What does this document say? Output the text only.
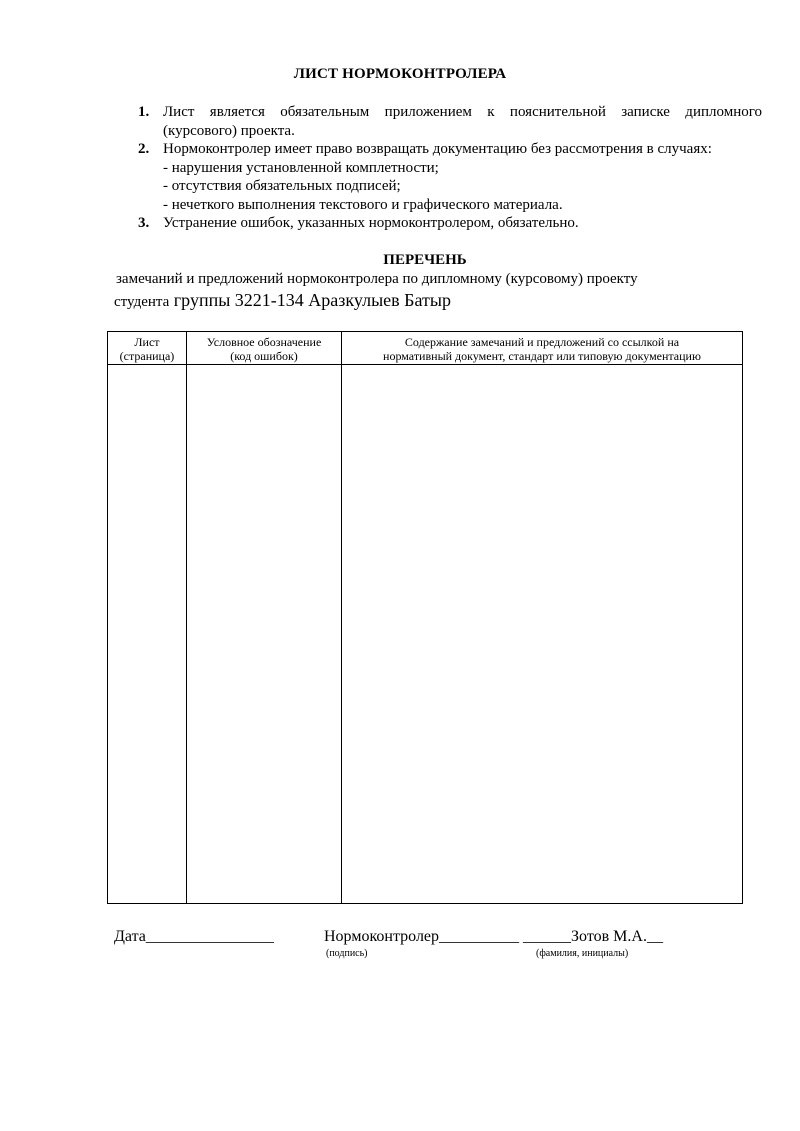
ЛИСТ НОРМОКОНТРОЛЕРА
1. Лист является обязательным приложением к пояснительной записке дипломного
(курсового) проекта.
2. Нормоконтролер имеет право возвращать документацию без рассмотрения в случаях:
- нарушения установленной комплетности;
- отсутствия обязательных подписей;
- нечеткого выполнения текстового и графического материала.
3. Устранение ошибок, указанных нормоконтролером, обязательно.
ПЕРЕЧЕНЬ
замечаний и предложений нормоконтролера по дипломному (курсовому) проекту
студента группы 3221-134 Аразкулыев Батыр
Лист
(страница)
Условное обозначение
(код ошибок)
Содержание замечаний и предложений со ссылкой на
нормативный документ, стандарт или типовую документацию
Дата________________	Нормоконтролер__________ ______Зотов М.А.__
(подпись)	(фамилия, инициалы)
